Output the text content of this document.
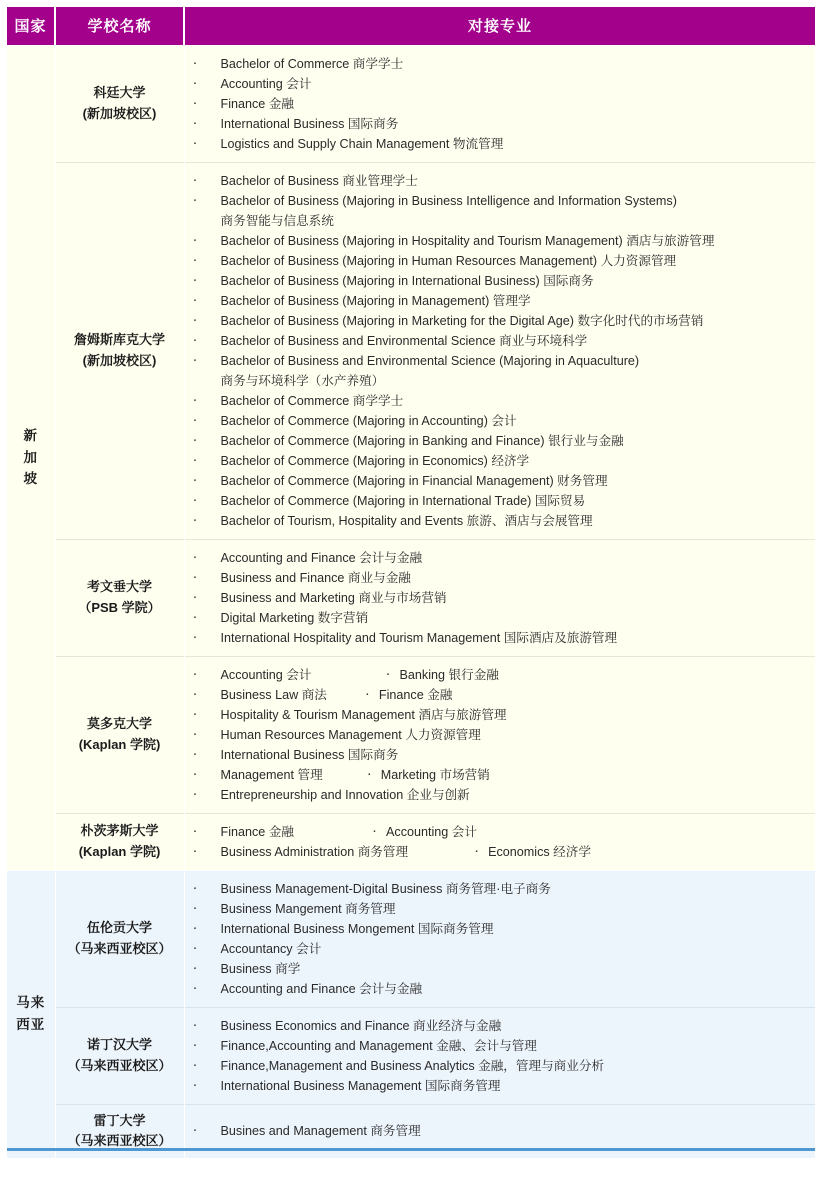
国家	学校名称	对接专业

新
加
坡

科廷大学
(新加坡校区)

· Bachelor of Commerce 商学学士
· Accounting 会计
· Finance 金融
· International Business 国际商务
· Logistics and Supply Chain Management 物流管理

詹姆斯库克大学
(新加坡校区)

· Bachelor of Business 商业管理学士
· Bachelor of Business (Majoring in Business Intelligence and Information Systems)
商务智能与信息系统
· Bachelor of Business (Majoring in Hospitality and Tourism Management) 酒店与旅游管理
· Bachelor of Business (Majoring in Human Resources Management) 人力资源管理
· Bachelor of Business (Majoring in International Business) 国际商务
· Bachelor of Business (Majoring in Management) 管理学
· Bachelor of Business (Majoring in Marketing for the Digital Age) 数字化时代的市场营销
· Bachelor of Business and Environmental Science 商业与环境科学
· Bachelor of Business and Environmental Science (Majoring in Aquaculture)
商务与环境科学（水产养殖）
· Bachelor of Commerce 商学学士
· Bachelor of Commerce (Majoring in Accounting) 会计
· Bachelor of Commerce (Majoring in Banking and Finance) 银行业与金融
· Bachelor of Commerce (Majoring in Economics) 经济学
· Bachelor of Commerce (Majoring in Financial Management) 财务管理
· Bachelor of Commerce (Majoring in International Trade) 国际贸易
· Bachelor of Tourism, Hospitality and Events 旅游、酒店与会展管理

考文垂大学
（PSB 学院）

· Accounting and Finance 会计与金融
· Business and Finance 商业与金融
· Business and Marketing 商业与市场营销
· Digital Marketing 数字营销
· International Hospitality and Tourism Management 国际酒店及旅游管理

莫多克大学
(Kaplan 学院)

· Accounting 会计	· Banking 银行金融
· Business Law 商法	· Finance 金融
· Hospitality & Tourism Management 酒店与旅游管理
· Human Resources Management 人力资源管理
· International Business 国际商务
· Management 管理	· Marketing 市场营销
· Entrepreneurship and Innovation 企业与创新

朴茨茅斯大学
(Kaplan 学院)

· Finance 金融	· Accounting 会计
· Business Administration 商务管理	· Economics 经济学

马来
西亚

伍伦贡大学
（马来西亚校区）

· Business Management-Digital Business 商务管理·电子商务
· Business Mangement 商务管理
· International Business Mongement 国际商务管理
· Accountancy 会计
· Business 商学
· Accounting and Finance 会计与金融

诺丁汉大学
（马来西亚校区）

· Business Economics and Finance 商业经济与金融
· Finance,Accounting and Management 金融、会计与管理
· Finance,Management and Business Analytics 金融，管理与商业分析
· International Business Management 国际商务管理

雷丁大学
（马来西亚校区）

· Busines and Management 商务管理
